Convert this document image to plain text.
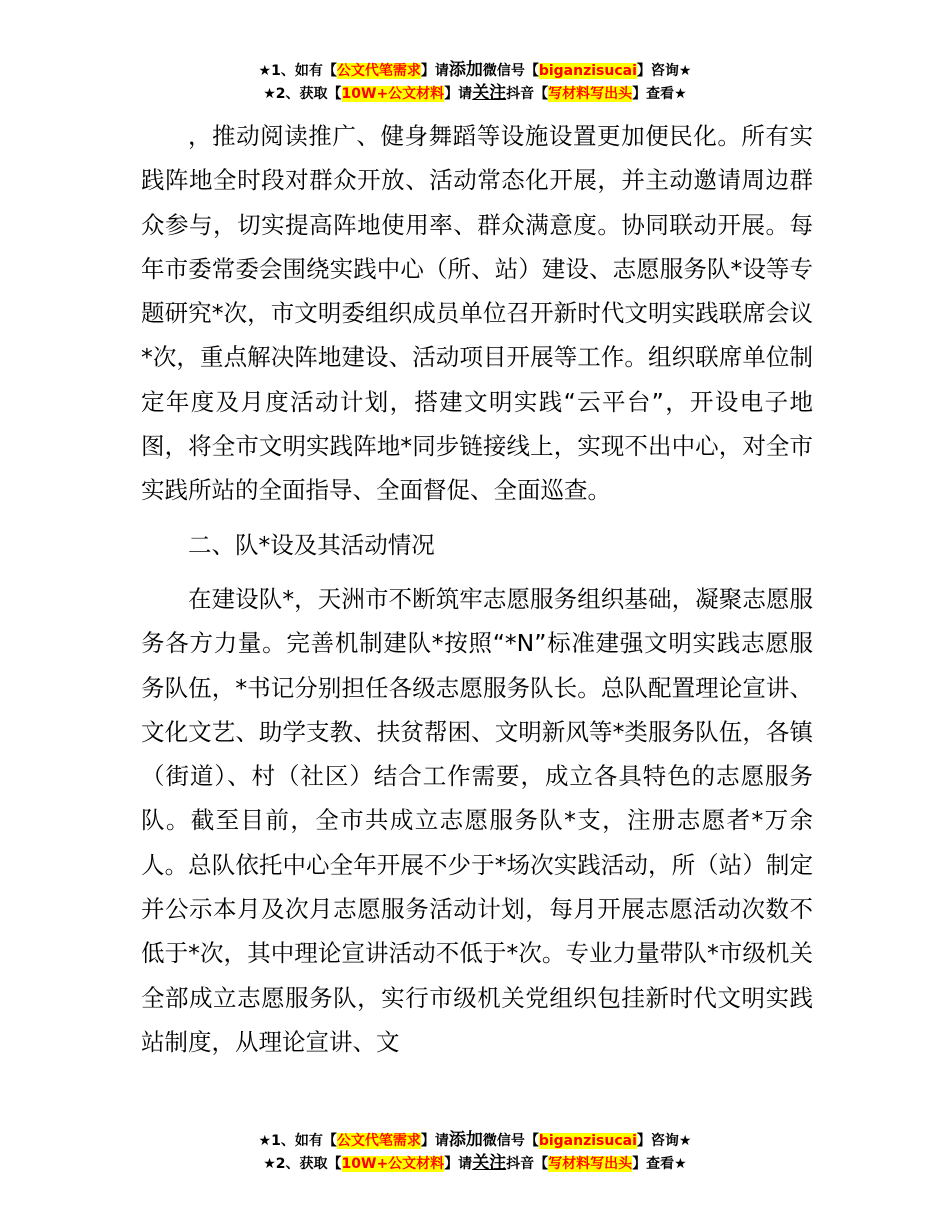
★1、如有【公文代笔需求】请添加微信号【biganzisucai】咨询★
★2、获取【10W+公文材料】请关注抖音【写材料写出头】查看★

，推动阅读推广、健身舞蹈等设施设置更加便民化。所有实践阵地全时段对群众开放、活动常态化开展，并主动邀请周边群众参与，切实提高阵地使用率、群众满意度。协同联动开展。每年市委常委会围绕实践中心（所、站）建设、志愿服务队*设等专题研究*次，市文明委组织成员单位召开新时代文明实践联席会议*次，重点解决阵地建设、活动项目开展等工作。组织联席单位制定年度及月度活动计划，搭建文明实践“云平台”，开设电子地图，将全市文明实践阵地*同步链接线上，实现不出中心，对全市实践所站的全面指导、全面督促、全面巡查。

二、队*设及其活动情况

在建设队*，天洲市不断筑牢志愿服务组织基础，凝聚志愿服务各方力量。完善机制建队*按照“*N”标准建强文明实践志愿服务队伍，*书记分别担任各级志愿服务队长。总队配置理论宣讲、文化文艺、助学支教、扶贫帮困、文明新风等*类服务队伍，各镇（街道）、村（社区）结合工作需要，成立各具特色的志愿服务队。截至目前，全市共成立志愿服务队*支，注册志愿者*万余人。总队依托中心全年开展不少于*场次实践活动，所（站）制定并公示本月及次月志愿服务活动计划，每月开展志愿活动次数不低于*次，其中理论宣讲活动不低于*次。专业力量带队*市级机关全部成立志愿服务队，实行市级机关党组织包挂新时代文明实践站制度，从理论宣讲、文

★1、如有【公文代笔需求】请添加微信号【biganzisucai】咨询★
★2、获取【10W+公文材料】请关注抖音【写材料写出头】查看★
